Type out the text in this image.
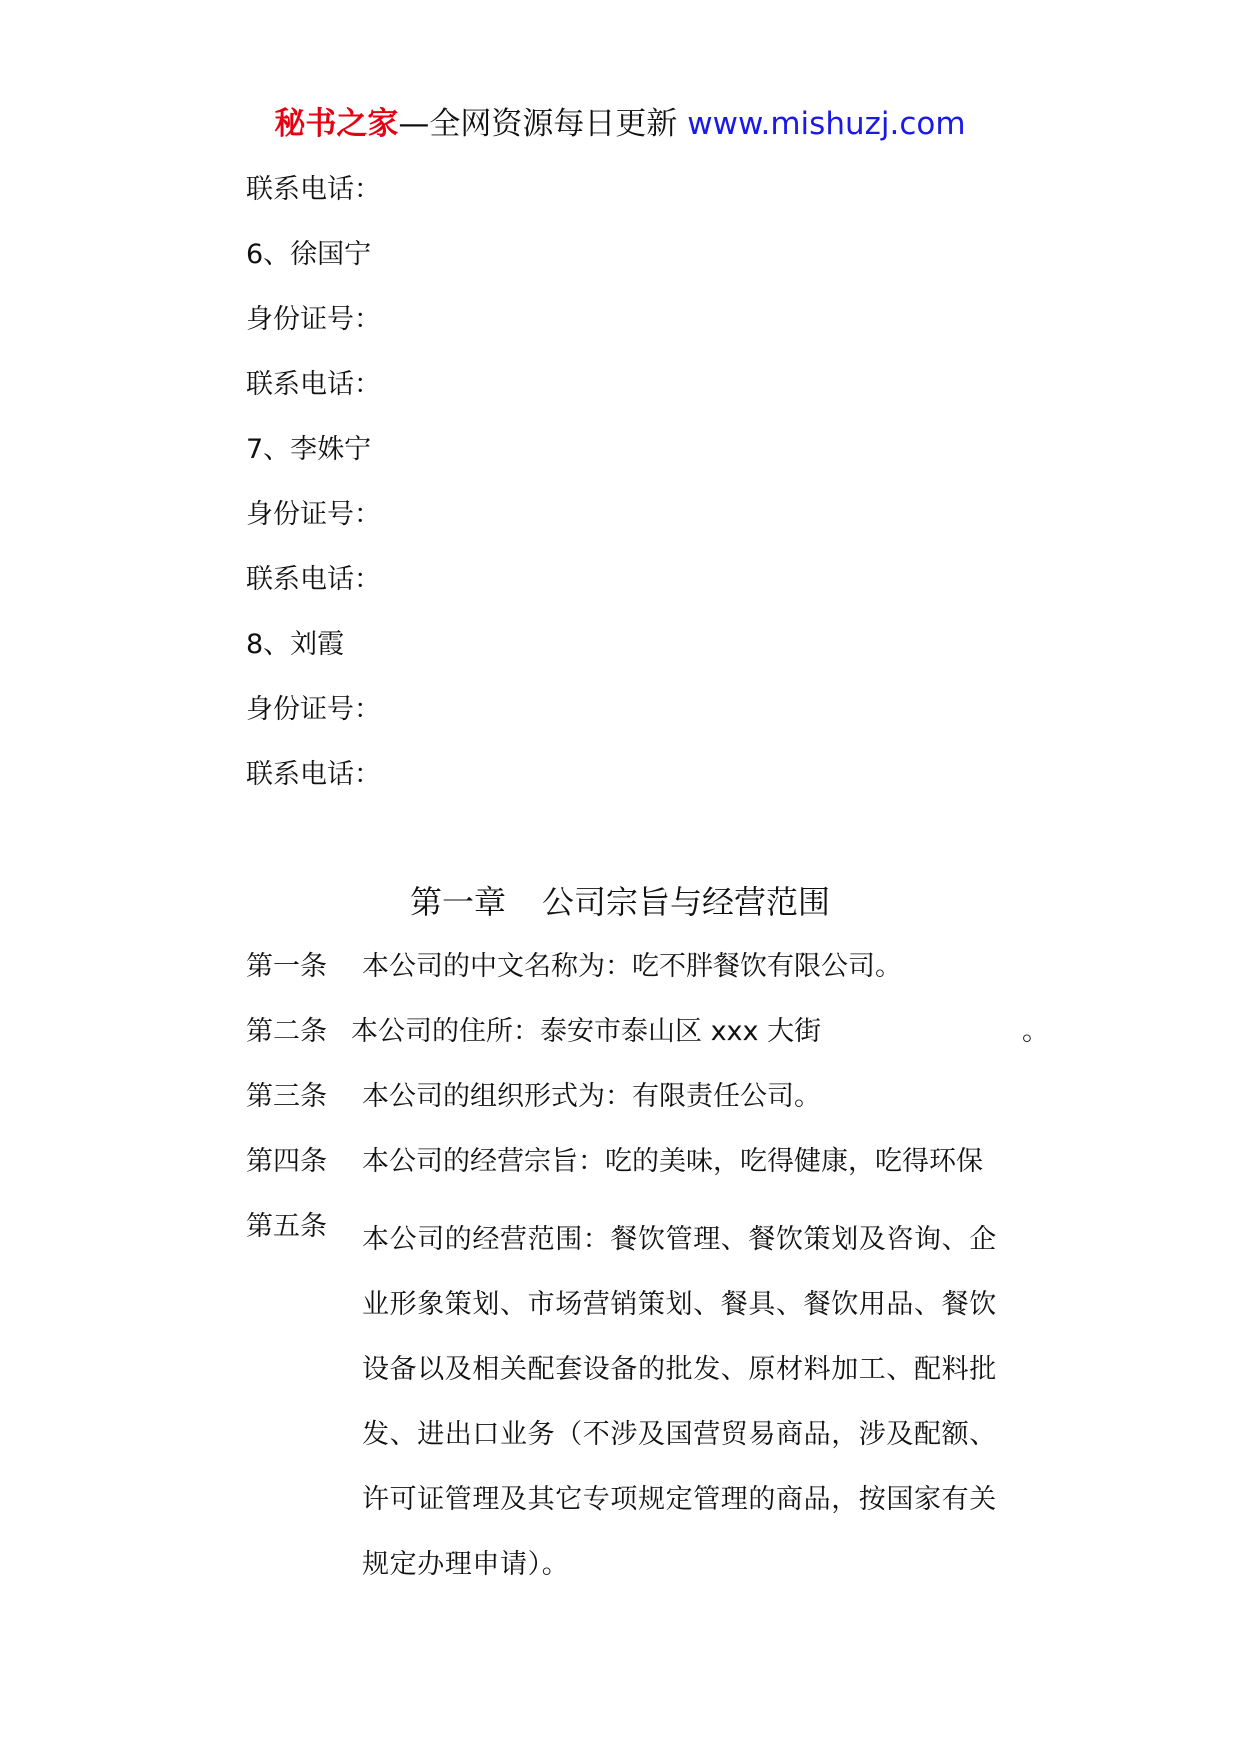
秘书之家—全网资源每日更新 www.mishuzj.com
联系电话：
6、徐国宁
身份证号：
联系电话：
7、李姝宁
身份证号：
联系电话：
8、刘霞
身份证号：
联系电话：
第一章 公司宗旨与经营范围
第一条 本公司的中文名称为：吃不胖餐饮有限公司。
第二条 本公司的住所：泰安市泰山区 xxx 大街	。
第三条 本公司的组织形式为：有限责任公司。
第四条 本公司的经营宗旨：吃的美味，吃得健康，吃得环保
第五条 本公司的经营范围：餐饮管理、餐饮策划及咨询、企
业形象策划、市场营销策划、餐具、餐饮用品、餐饮
设备以及相关配套设备的批发、原材料加工、配料批
发、进出口业务（不涉及国营贸易商品，涉及配额、
许可证管理及其它专项规定管理的商品，按国家有关
规定办理申请）。
